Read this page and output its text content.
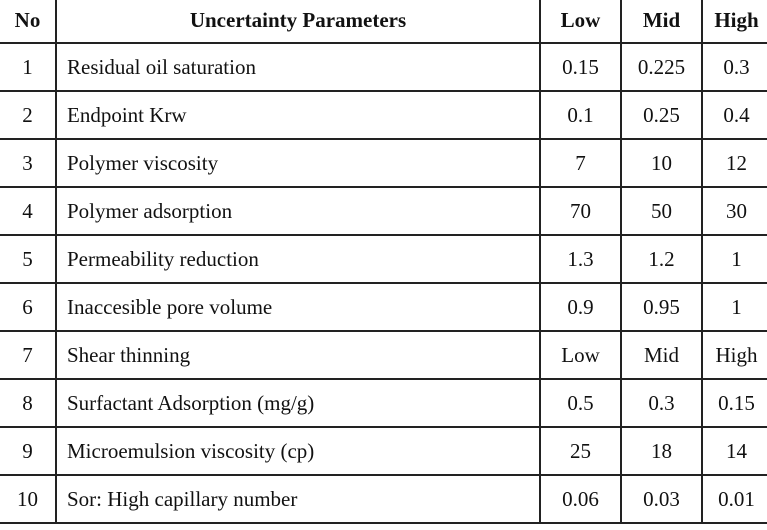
No	Uncertainty Parameters	Low	Mid	High
1	Residual oil saturation	0.15	0.225	0.3
2	Endpoint Krw	0.1	0.25	0.4
3	Polymer viscosity	7	10	12
4	Polymer adsorption	70	50	30
5	Permeability reduction	1.3	1.2	1
6	Inaccesible pore volume	0.9	0.95	1
7	Shear thinning	Low	Mid	High
8	Surfactant Adsorption (mg/g)	0.5	0.3	0.15
9	Microemulsion viscosity (cp)	25	18	14
10	Sor: High capillary number	0.06	0.03	0.01
